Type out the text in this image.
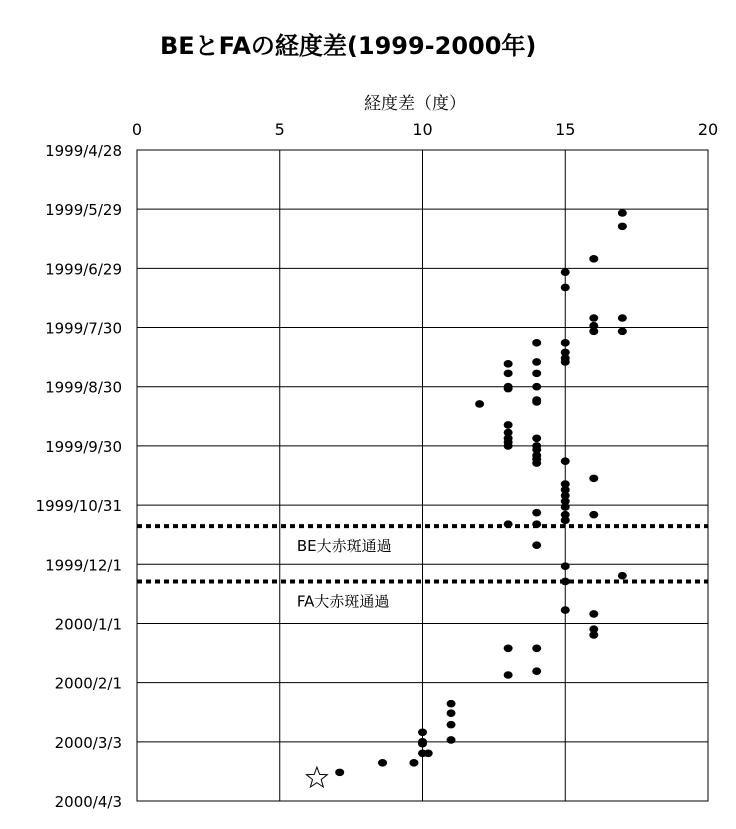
BEとFAの経度差(1999-2000年)
経度差（度）
0	5	10	15	20
1999/4/28
1999/5/29
1999/6/29
1999/7/30
1999/8/30
1999/9/30
1999/10/31
1999/12/1
2000/1/1
2000/2/1
2000/3/3
2000/4/3
BE大赤斑通過
FA大赤斑通過
